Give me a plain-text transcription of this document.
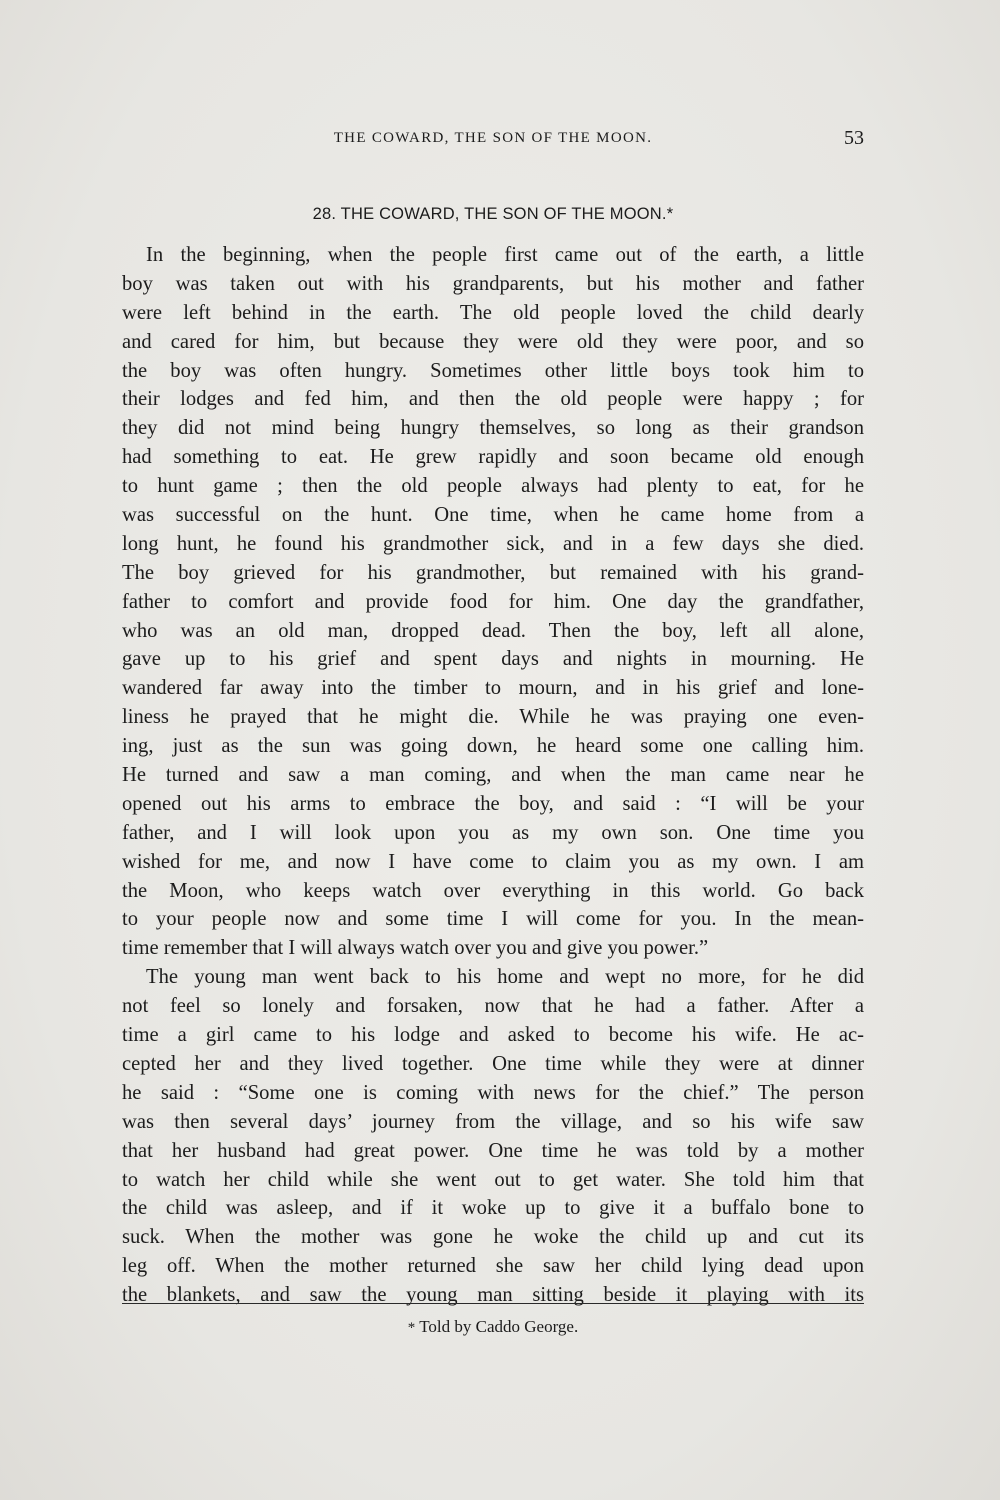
THE COWARD, THE SON OF THE MOON.	53
28. THE COWARD, THE SON OF THE MOON.*
In the beginning, when the people first came out of the earth, a little
boy was taken out with his grandparents, but his mother and father
were left behind in the earth. The old people loved the child dearly
and cared for him, but because they were old they were poor, and so
the boy was often hungry. Sometimes other little boys took him to
their lodges and fed him, and then the old people were happy ; for
they did not mind being hungry themselves, so long as their grandson
had something to eat. He grew rapidly and soon became old enough
to hunt game ; then the old people always had plenty to eat, for he
was successful on the hunt. One time, when he came home from a
long hunt, he found his grandmother sick, and in a few days she died.
The boy grieved for his grandmother, but remained with his grand-
father to comfort and provide food for him. One day the grandfather,
who was an old man, dropped dead. Then the boy, left all alone,
gave up to his grief and spent days and nights in mourning. He
wandered far away into the timber to mourn, and in his grief and lone-
liness he prayed that he might die. While he was praying one even-
ing, just as the sun was going down, he heard some one calling him.
He turned and saw a man coming, and when the man came near he
opened out his arms to embrace the boy, and said : “I will be your
father, and I will look upon you as my own son. One time you
wished for me, and now I have come to claim you as my own. I am
the Moon, who keeps watch over everything in this world. Go back
to your people now and some time I will come for you. In the mean-
time remember that I will always watch over you and give you power.”
The young man went back to his home and wept no more, for he did
not feel so lonely and forsaken, now that he had a father. After a
time a girl came to his lodge and asked to become his wife. He ac-
cepted her and they lived together. One time while they were at dinner
he said : “Some one is coming with news for the chief.” The person
was then several days’ journey from the village, and so his wife saw
that her husband had great power. One time he was told by a mother
to watch her child while she went out to get water. She told him that
the child was asleep, and if it woke up to give it a buffalo bone to
suck. When the mother was gone he woke the child up and cut its
leg off. When the mother returned she saw her child lying dead upon
the blankets, and saw the young man sitting beside it playing with its
* Told by Caddo George.
